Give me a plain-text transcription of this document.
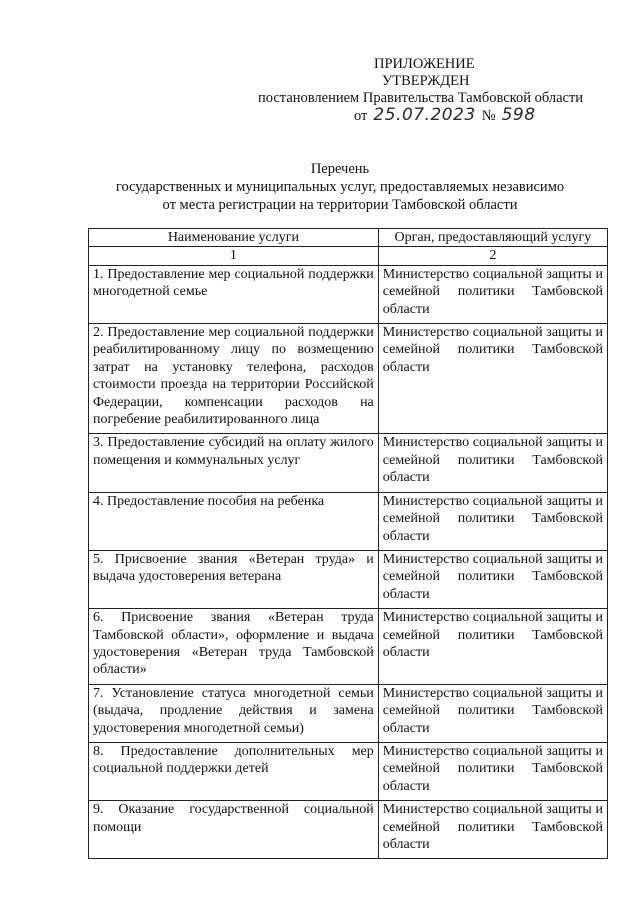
ПРИЛОЖЕНИЕ
УТВЕРЖДЕН
постановлением Правительства Тамбовской области
от 25.07.2023 № 598
Перечень
государственных и муниципальных услуг, предоставляемых независимо
от места регистрации на территории Тамбовской области
Наименование услуги	Орган, предоставляющий услугу
1	2
1. Предоставление мер социальной поддержки многодетной семье	Министерство социальной защиты и семейной политики Тамбовской области
2. Предоставление мер социальной поддержки реабилитированному лицу по возмещению затрат на установку телефона, расходов стоимости проезда на территории Российской Федерации, компенсации расходов на погребение реабилитированного лица	Министерство социальной защиты и семейной политики Тамбовской области
3. Предоставление субсидий на оплату жилого помещения и коммунальных услуг	Министерство социальной защиты и семейной политики Тамбовской области
4. Предоставление пособия на ребенка	Министерство социальной защиты и семейной политики Тамбовской области
5. Присвоение звания «Ветеран труда» и выдача удостоверения ветерана	Министерство социальной защиты и семейной политики Тамбовской области
6. Присвоение звания «Ветеран труда Тамбовской области», оформление и выдача удостоверения «Ветеран труда Тамбовской области»	Министерство социальной защиты и семейной политики Тамбовской области
7. Установление статуса многодетной семьи (выдача, продление действия и замена удостоверения многодетной семьи)	Министерство социальной защиты и семейной политики Тамбовской области
8. Предоставление дополнительных мер социальной поддержки детей	Министерство социальной защиты и семейной политики Тамбовской области
9. Оказание государственной социальной помощи	Министерство социальной защиты и семейной политики Тамбовской области
